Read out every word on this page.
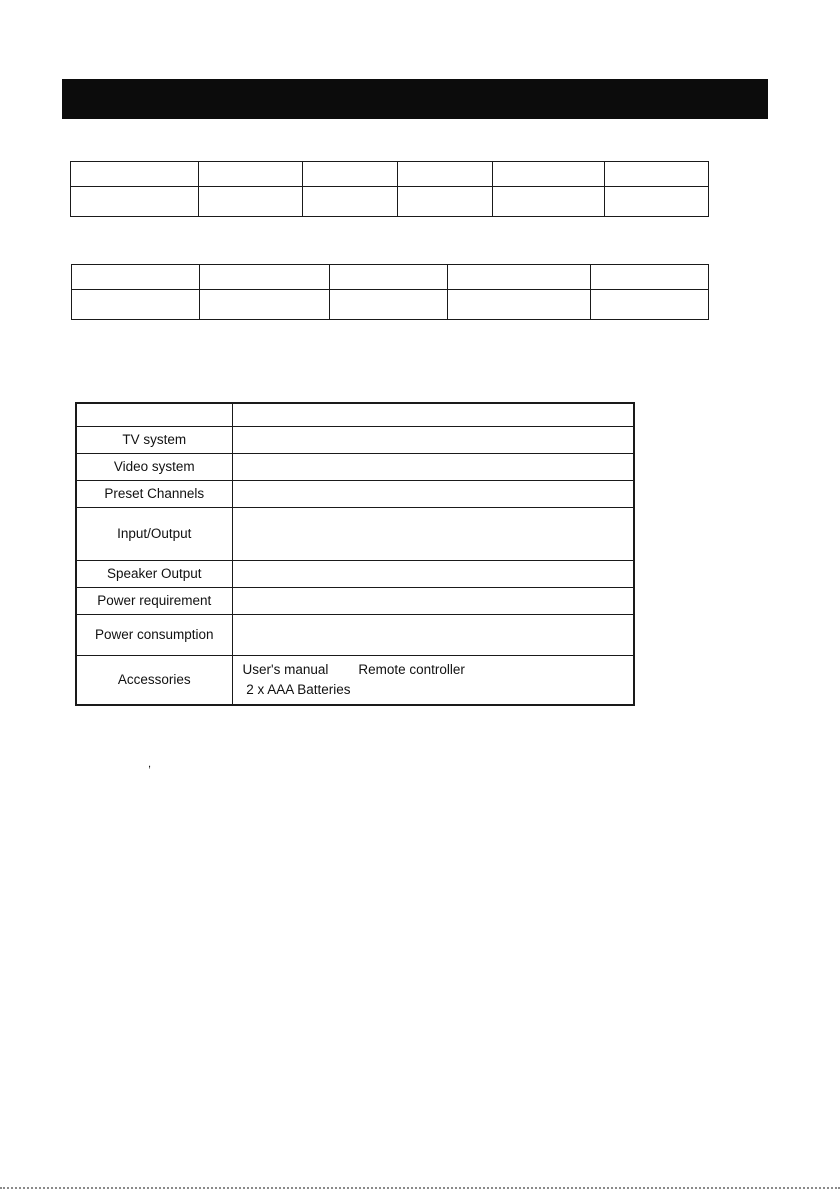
TV system	
Video system	
Preset Channels	
Input/Output	
Speaker Output	
Power requirement	
Power consumption	
Accessories	User's manual        Remote controller
2 x AAA Batteries
,
